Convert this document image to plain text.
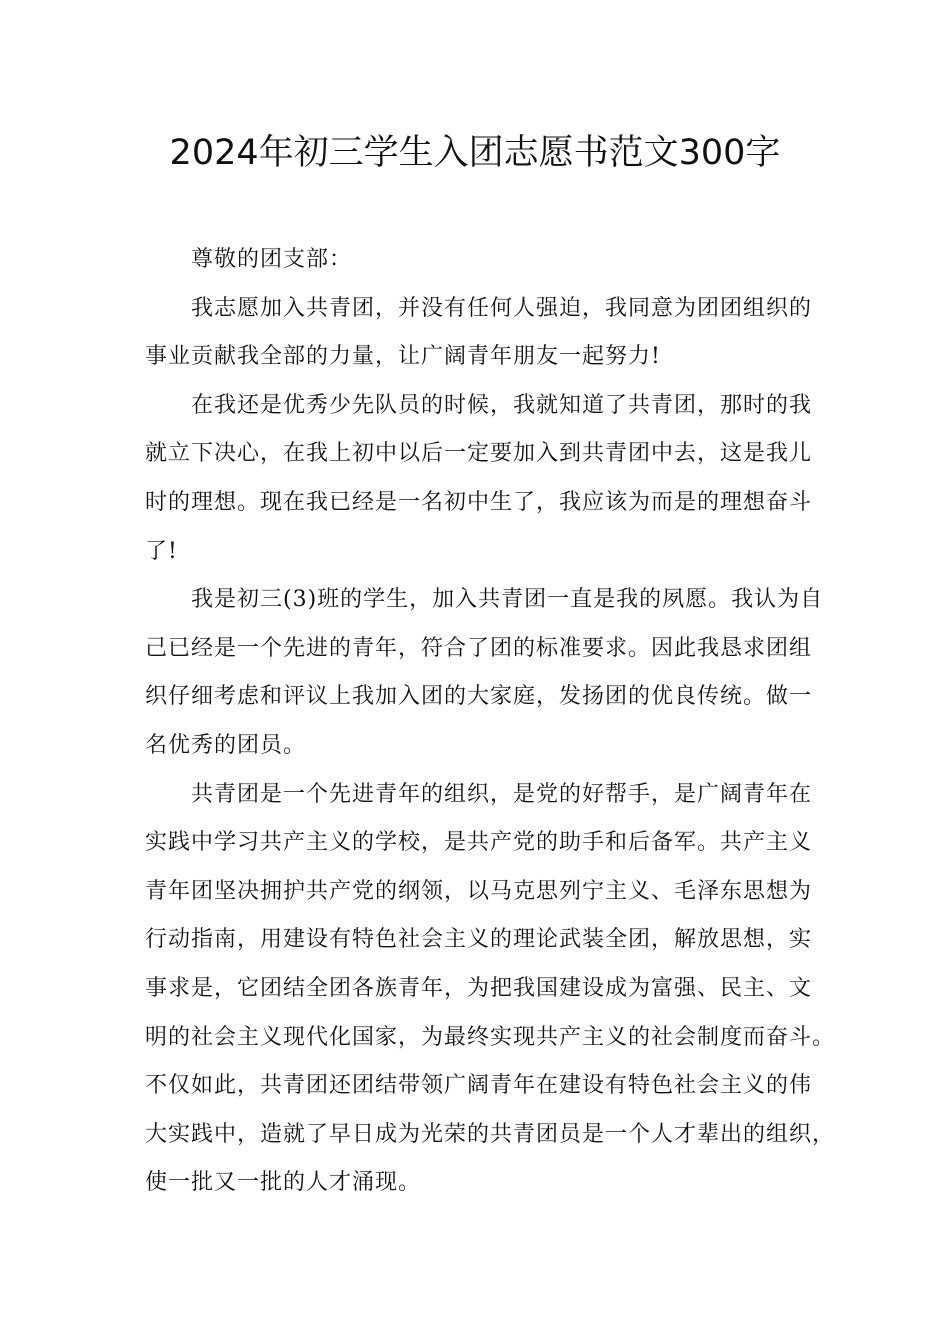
2024年初三学生入团志愿书范文300字

尊敬的团支部：

我志愿加入共青团，并没有任何人强迫，我同意为团团组织的
事业贡献我全部的力量，让广阔青年朋友一起努力!

在我还是优秀少先队员的时候，我就知道了共青团，那时的我
就立下决心，在我上初中以后一定要加入到共青团中去，这是我儿
时的理想。现在我已经是一名初中生了，我应该为而是的理想奋斗
了!

我是初三(3)班的学生，加入共青团一直是我的夙愿。我认为自
己已经是一个先进的青年，符合了团的标准要求。因此我恳求团组
织仔细考虑和评议上我加入团的大家庭，发扬团的优良传统。做一
名优秀的团员。

共青团是一个先进青年的组织，是党的好帮手，是广阔青年在
实践中学习共产主义的学校，是共产党的助手和后备军。共产主义
青年团坚决拥护共产党的纲领，以马克思列宁主义、毛泽东思想为
行动指南，用建设有特色社会主义的理论武装全团，解放思想，实
事求是，它团结全团各族青年，为把我国建设成为富强、民主、文
明的社会主义现代化国家，为最终实现共产主义的社会制度而奋斗。
不仅如此，共青团还团结带领广阔青年在建设有特色社会主义的伟
大实践中，造就了早日成为光荣的共青团员是一个人才辈出的组织，
使一批又一批的人才涌现。
